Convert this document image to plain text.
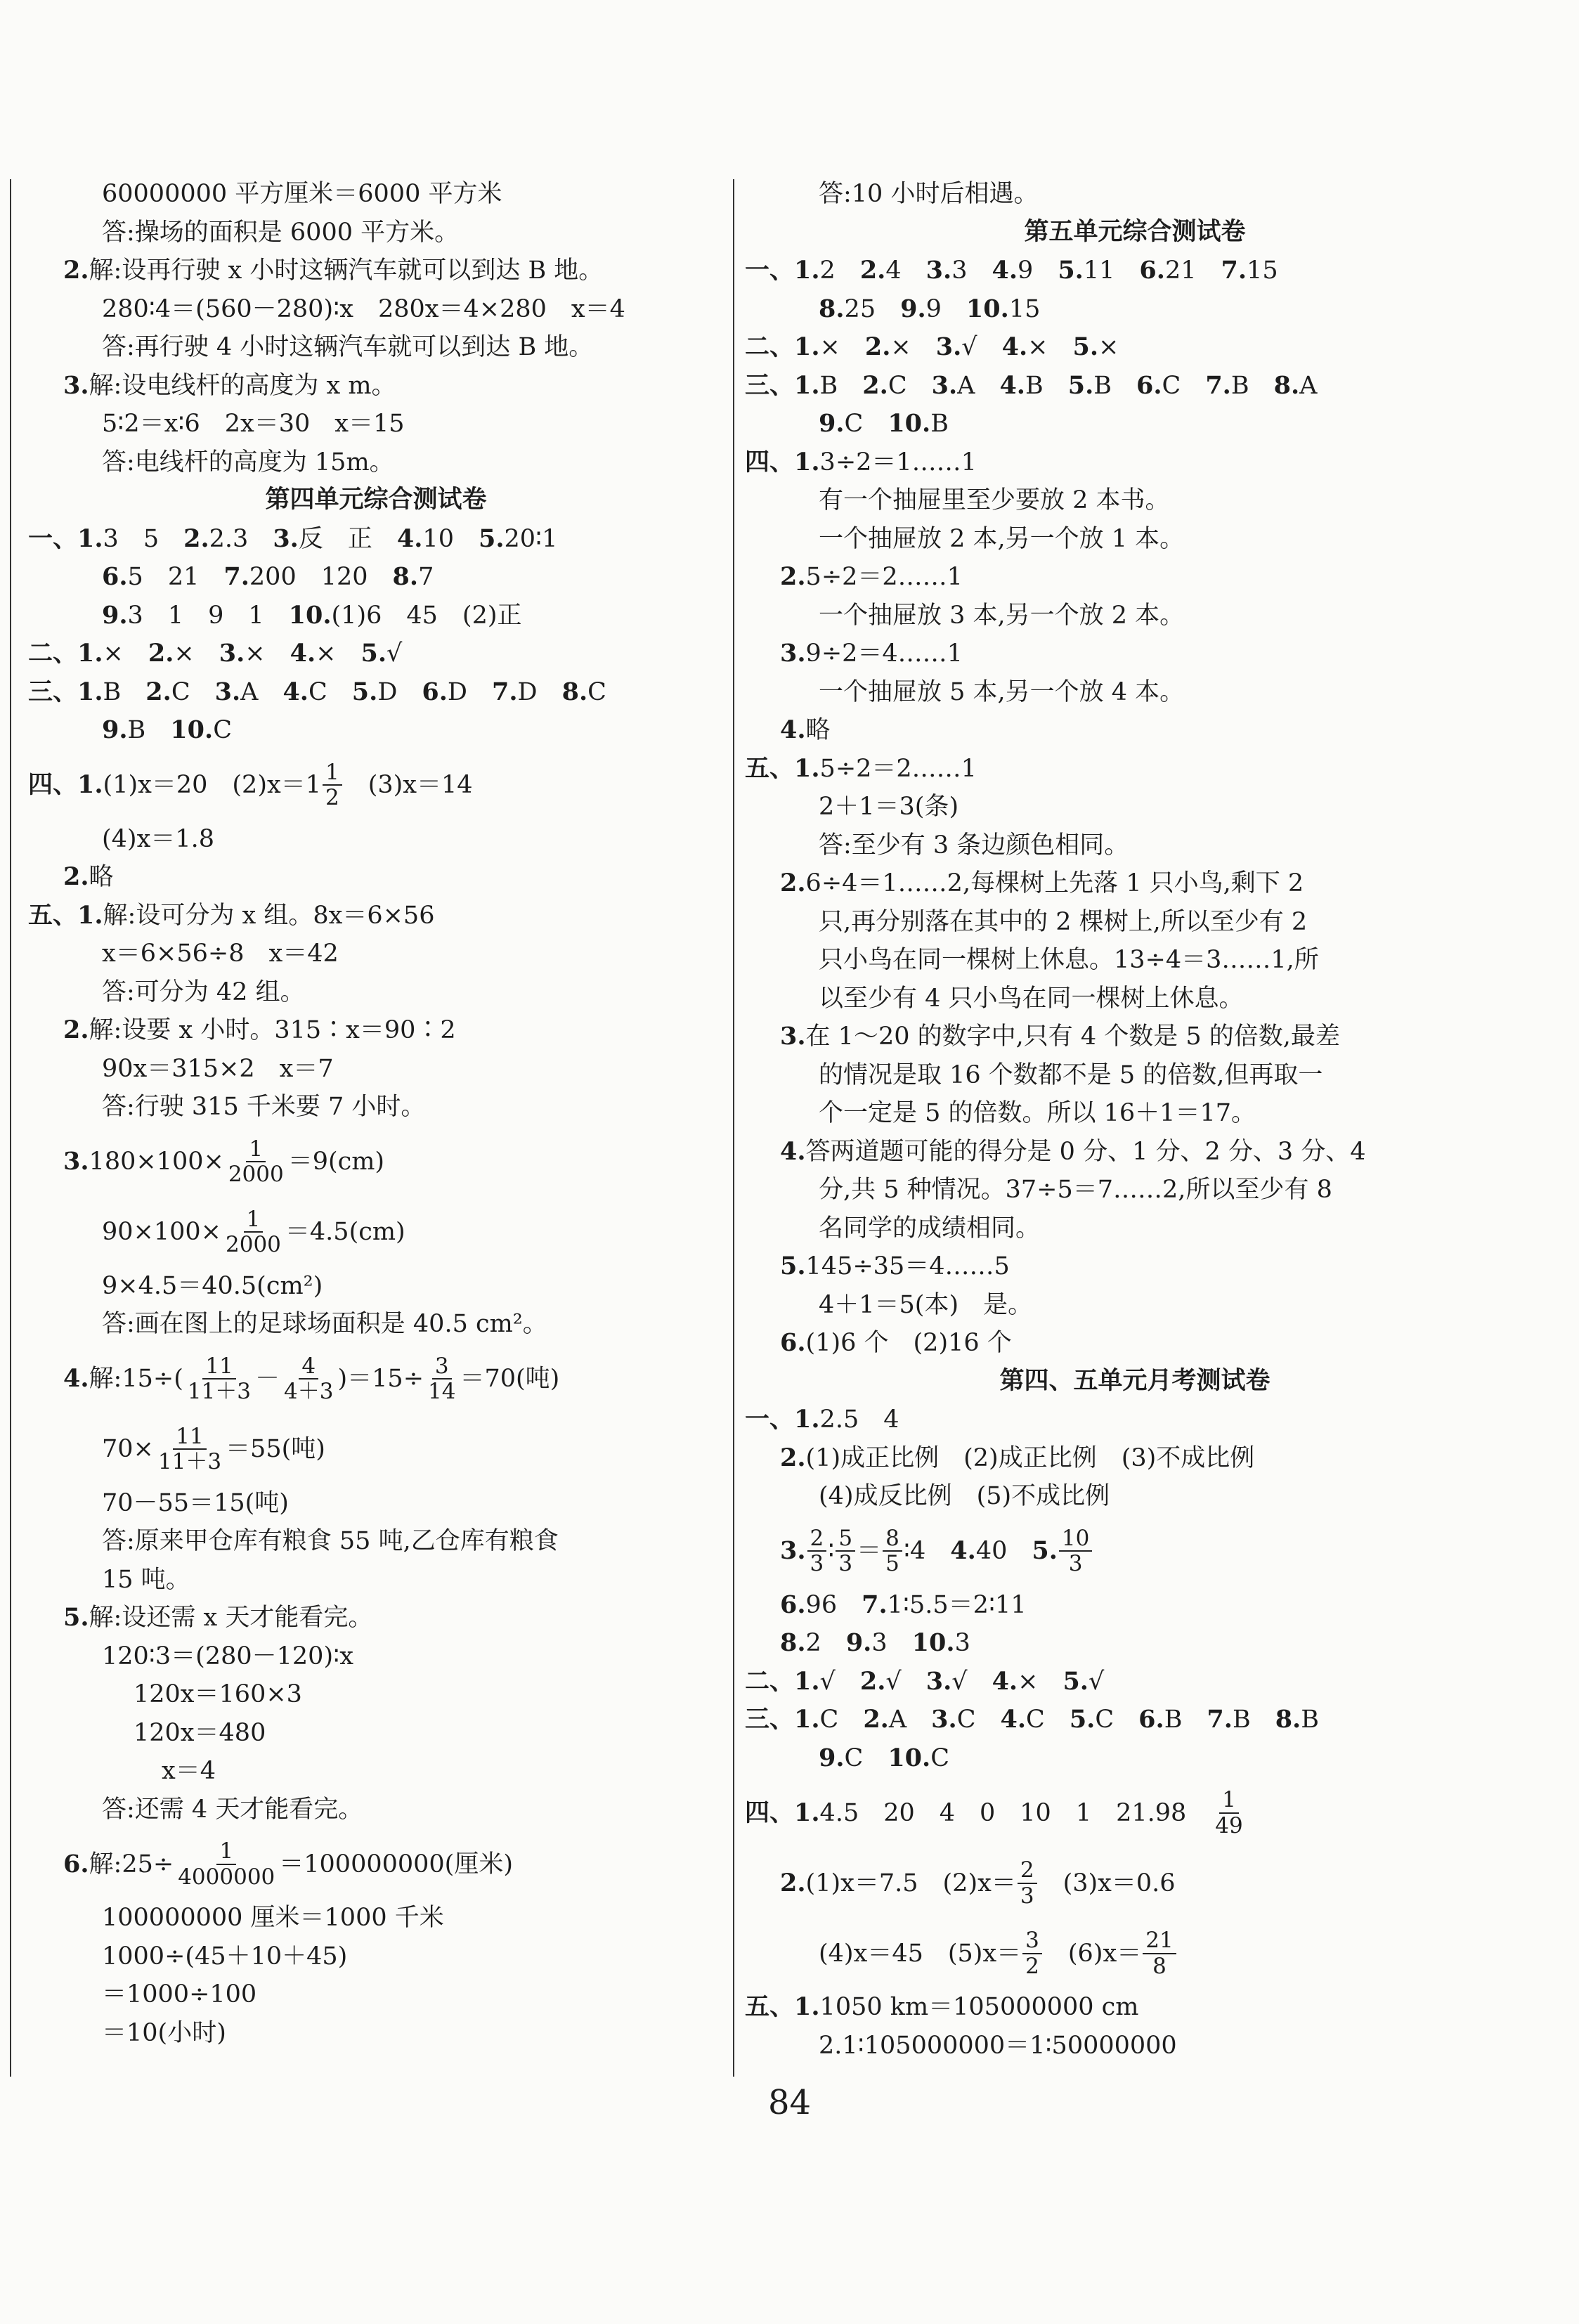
60000000 平方厘米＝6000 平方米
答:操场的面积是 6000 平方米。
2.解:设再行驶 x 小时这辆汽车就可以到达 B 地。
280∶4＝(560－280)∶x　280x＝4×280　x＝4
答:再行驶 4 小时这辆汽车就可以到达 B 地。
3.解:设电线杆的高度为 x m。
5∶2＝x∶6　2x＝30　x＝15
答:电线杆的高度为 15m。
第四单元综合测试卷
一、1.3　5　2.2.3　3.反　正　4.10　5.20∶1
6.5　21　7.200　120　8.7
9.3　1　9　1　10.(1)6　45　(2)正
二、1.×　2.×　3.×　4.×　5.√
三、1.B　2.C　3.A　4.C　5.D　6.D　7.D　8.C
9.B　10.C
四、1.(1)x＝20　$(2)x=1 \frac{1}{2}$ 　(3)x＝14
(4)x＝1.8
2.略
五、1.解:设可分为 x 组。8x＝6×56
x＝6×56÷8　x＝42
答:可分为 42 组。
2.解:设要 x 小时。315∶x＝90∶2
90x＝315×2　x＝7
答:行驶 315 千米要 7 小时。
$3.180\times 100\times \frac{1}{2000} =9(cm)$
$90\times 100\times \frac{1}{2000} =4.5(cm)$
9×4.5＝40.5(cm²)
答:画在图上的足球场面积是 40.5 cm²。
4.解:15÷( $\frac{11}{11+3} - \frac{4}{4+3} )=15\div \frac{3}{14} =70$(吨)
$70\times \frac{11}{11+3} =55$(吨)
70－55＝15(吨)
答:原来甲仓库有粮食 55 吨,乙仓库有粮食
15 吨。
5.解:设还需 x 天才能看完。
120∶3＝(280－120)∶x
120x＝160×3
120x＝480
x＝4
答:还需 4 天才能看完。
6.解:25÷ $\frac{1}{4000000} =100000000$(厘米)
100000000 厘米＝1000 千米
1000÷(45＋10＋45)
＝1000÷100
＝10(小时)
答:10 小时后相遇。
第五单元综合测试卷
一、1.2　2.4　3.3　4.9　5.11　6.21　7.15
8.25　9.9　10.15
二、1.×　2.×　3.√　4.×　5.×
三、1.B　2.C　3.A　4.B　5.B　6.C　7.B　8.A
9.C　10.B
四、1.3÷2＝1……1
有一个抽屉里至少要放 2 本书。
一个抽屉放 2 本,另一个放 1 本。
2.5÷2＝2……1
一个抽屉放 3 本,另一个放 2 本。
3.9÷2＝4……1
一个抽屉放 5 本,另一个放 4 本。
4.略
五、1.5÷2＝2……1
2＋1＝3(条)
答:至少有 3 条边颜色相同。
2.6÷4＝1……2,每棵树上先落 1 只小鸟,剩下 2
只,再分别落在其中的 2 棵树上,所以至少有 2
只小鸟在同一棵树上休息。13÷4＝3……1,所
以至少有 4 只小鸟在同一棵树上休息。
3.在 1～20 的数字中,只有 4 个数是 5 的倍数,最差
的情况是取 16 个数都不是 5 的倍数,但再取一
个一定是 5 的倍数。所以 16＋1＝17。
4.答两道题可能的得分是 0 分、1 分、2 分、3 分、4
分,共 5 种情况。37÷5＝7……2,所以至少有 8
名同学的成绩相同。
5.145÷35＝4……5
4＋1＝5(本)　是。
6.(1)6 个　(2)16 个
第四、五单元月考测试卷
一、1.2.5　4
2.(1)成正比例　(2)成正比例　(3)不成比例
(4)成反比例　(5)不成比例
3. $\frac{2}{3}$ ∶ $\frac{5}{3} = \frac{8}{5}$ ∶4　4.40　5. $\frac{10}{3}$
6.96　7.1∶5.5＝2∶11
8.2　9.3　10.3
二、1.√　2.√　3.√　4.×　5.√
三、1.C　2.A　3.C　4.C　5.C　6.B　7.B　8.B
9.C　10.C
四、1.4.5　20　4　0　10　1　21.98　 $\frac{1}{49}$
2.(1)x＝7.5　$(2)x= \frac{2}{3}$ 　(3)x＝0.6
(4)x＝45　$(5)x= \frac{3}{2}$ 　$(6)x= \frac{21}{8}$
五、1.1050 km＝105000000 cm
2.1∶105000000＝1∶50000000
84
